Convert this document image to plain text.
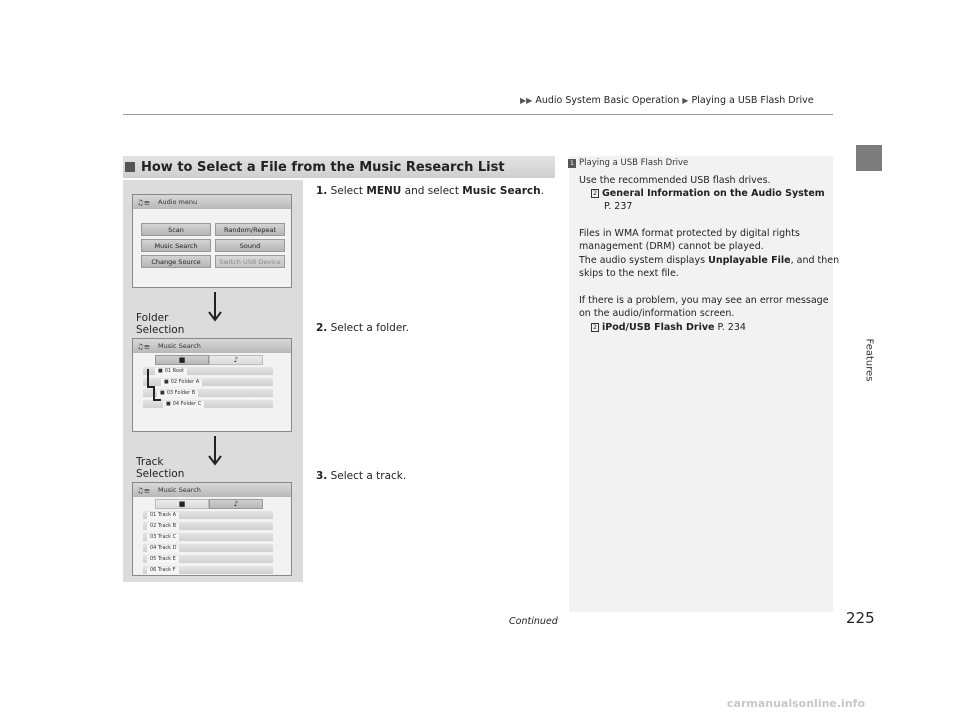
▶▶ Audio System Basic Operation ▶ Playing a USB Flash Drive
Features
How to Select a File from the Music Research List
♫≡ Audio menu
Scan	Random/Repeat
Music Search	Sound
Change Source	Switch USB Device
Folder
Selection
♫≡ Music Search
■	♪
■ 01 Root
■ 02 Folder A
■ 03 Folder B
■ 04 Folder C
Track
Selection
♫≡ Music Search
■	♪
01 Track A
02 Track B
03 Track C
04 Track D
05 Track E
06 Track F
1. Select MENU and select Music Search.
2. Select a folder.
3. Select a track.
1 Playing a USB Flash Drive
Use the recommended USB flash drives.
2 General Information on the Audio System
P. 237
Files in WMA format protected by digital rights
management (DRM) cannot be played.
The audio system displays Unplayable File, and then
skips to the next file.
If there is a problem, you may see an error message
on the audio/information screen.
2 iPod/USB Flash Drive P. 234
Continued	225
carmanualsonline.info
